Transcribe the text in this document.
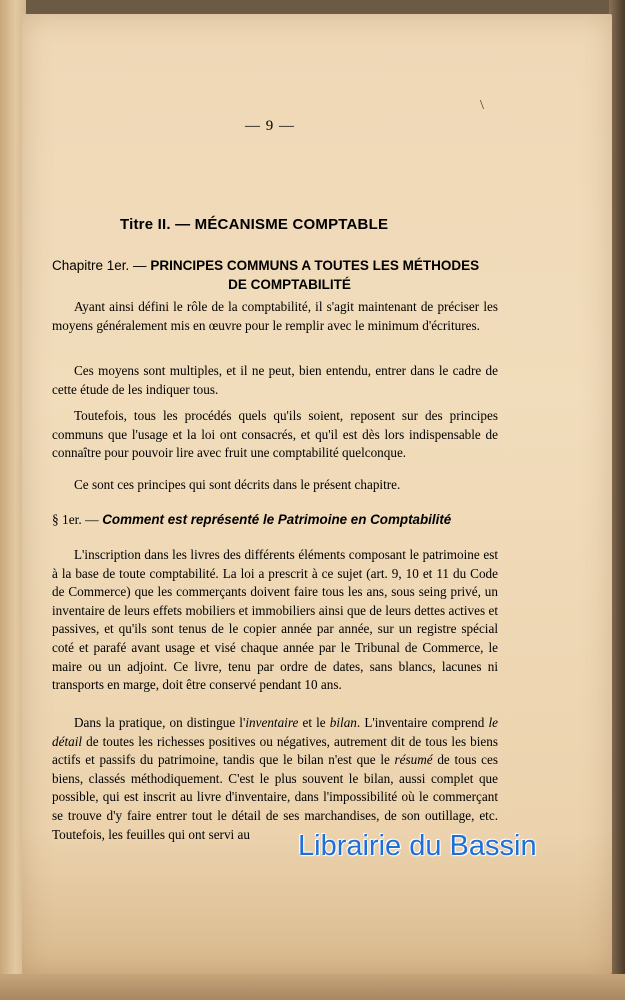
— 9 —
\
Titre II. — MÉCANISME COMPTABLE
Chapitre 1er. — PRINCIPES COMMUNS A TOUTES LES MÉTHODES
DE COMPTABILITÉ
Ayant ainsi défini le rôle de la comptabilité, il s'agit maintenant de préciser les moyens généralement mis en œuvre pour le remplir avec le minimum d'écritures.
Ces moyens sont multiples, et il ne peut, bien entendu, entrer dans le cadre de cette étude de les indiquer tous.
Toutefois, tous les procédés quels qu'ils soient, reposent sur des principes communs que l'usage et la loi ont consacrés, et qu'il est dès lors indispensable de connaître pour pouvoir lire avec fruit une comptabilité quelconque.
Ce sont ces principes qui sont décrits dans le présent chapitre.
§ 1er. — Comment est représenté le Patrimoine en Comptabilité
L'inscription dans les livres des différents éléments composant le patrimoine est à la base de toute comptabilité. La loi a prescrit à ce sujet (art. 9, 10 et 11 du Code de Commerce) que les commerçants doivent faire tous les ans, sous seing privé, un inventaire de leurs effets mobiliers et immobiliers ainsi que de leurs dettes actives et passives, et qu'ils sont tenus de le copier année par année, sur un registre spécial coté et parafé avant usage et visé chaque année par le Tribunal de Commerce, le maire ou un adjoint. Ce livre, tenu par ordre de dates, sans blancs, lacunes ni transports en marge, doit être conservé pendant 10 ans.
Dans la pratique, on distingue l'inventaire et le bilan. L'inventaire comprend le détail de toutes les richesses positives ou négatives, autrement dit de tous les biens actifs et passifs du patrimoine, tandis que le bilan n'est que le résumé de tous ces biens, classés méthodiquement. C'est le plus souvent le bilan, aussi complet que possible, qui est inscrit au livre d'inventaire, dans l'impossibilité où le commerçant se trouve d'y faire entrer tout le détail de ses marchandises, de son outillage, etc. Toutefois, les feuilles qui ont servi au	Librairie du Bassin
